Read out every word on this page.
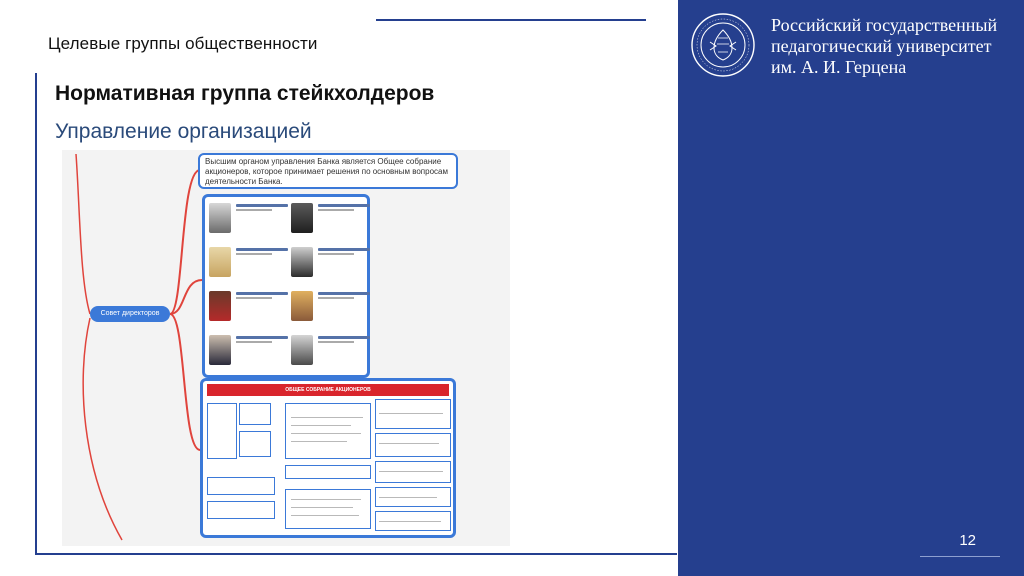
Целевые группы общественности
Нормативная группа стейкхолдеров
Управление организацией
Высшим органом управления Банка является Общее собрание акционеров, которое принимает решения по основным вопросам деятельности Банка.
Совет директоров
ОБЩЕЕ СОБРАНИЕ АКЦИОНЕРОВ
Российский государственный
педагогический университет
им. А. И. Герцена
12
